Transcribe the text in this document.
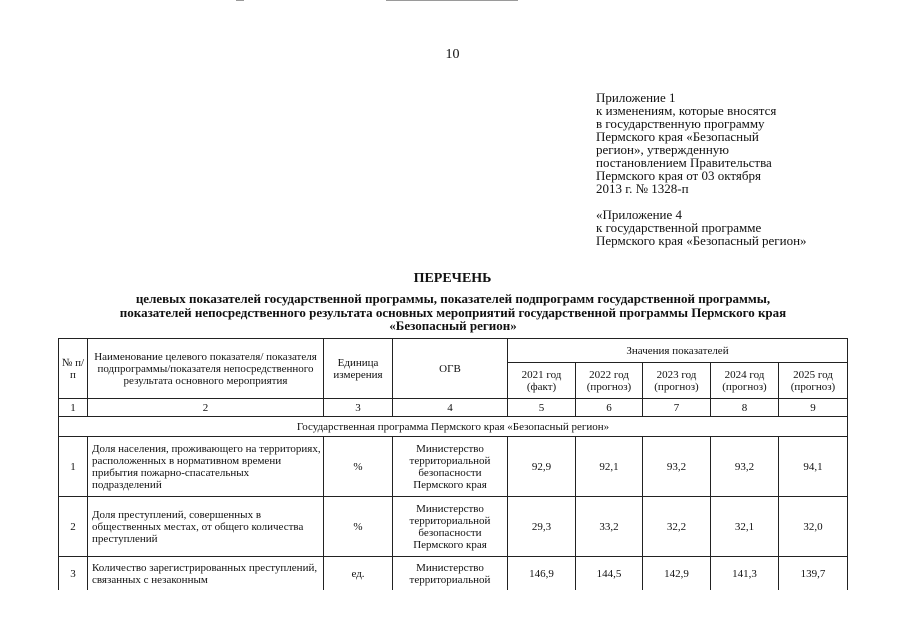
10
Приложение 1
к изменениям, которые вносятся
в государственную программу
Пермского края «Безопасный
регион», утвержденную
постановлением Правительства
Пермского края от 03 октября
2013 г. № 1328-п
«Приложение 4
к государственной программе
Пермского края «Безопасный регион»
ПЕРЕЧЕНЬ
целевых показателей государственной программы, показателей подпрограмм государственной программы,
показателей непосредственного результата основных мероприятий государственной программы Пермского края
«Безопасный регион»
№ п/п	Наименование целевого показателя/ показателя подпрограммы/показателя непосредственного результата основного мероприятия	Единица измерения	ОГВ	Значения показателей				
				2021 год (факт)	2022 год (прогноз)	2023 год (прогноз)	2024 год (прогноз)	2025 год (прогноз)
1	2	3	4	5	6	7	8	9
Государственная программа Пермского края «Безопасный регион»								
1	Доля населения, проживающего на территориях, расположенных в нормативном времени прибытия пожарно-спасательных подразделений	%	Министерство территориальной безопасности Пермского края	92,9	92,1	93,2	93,2	94,1
2	Доля преступлений, совершенных в общественных местах, от общего количества преступлений	%	Министерство территориальной безопасности Пермского края	29,3	33,2	32,2	32,1	32,0
3	Количество зарегистрированных преступлений, связанных с незаконным	ед.	Министерство территориальной	146,9	144,5	142,9	141,3	139,7
